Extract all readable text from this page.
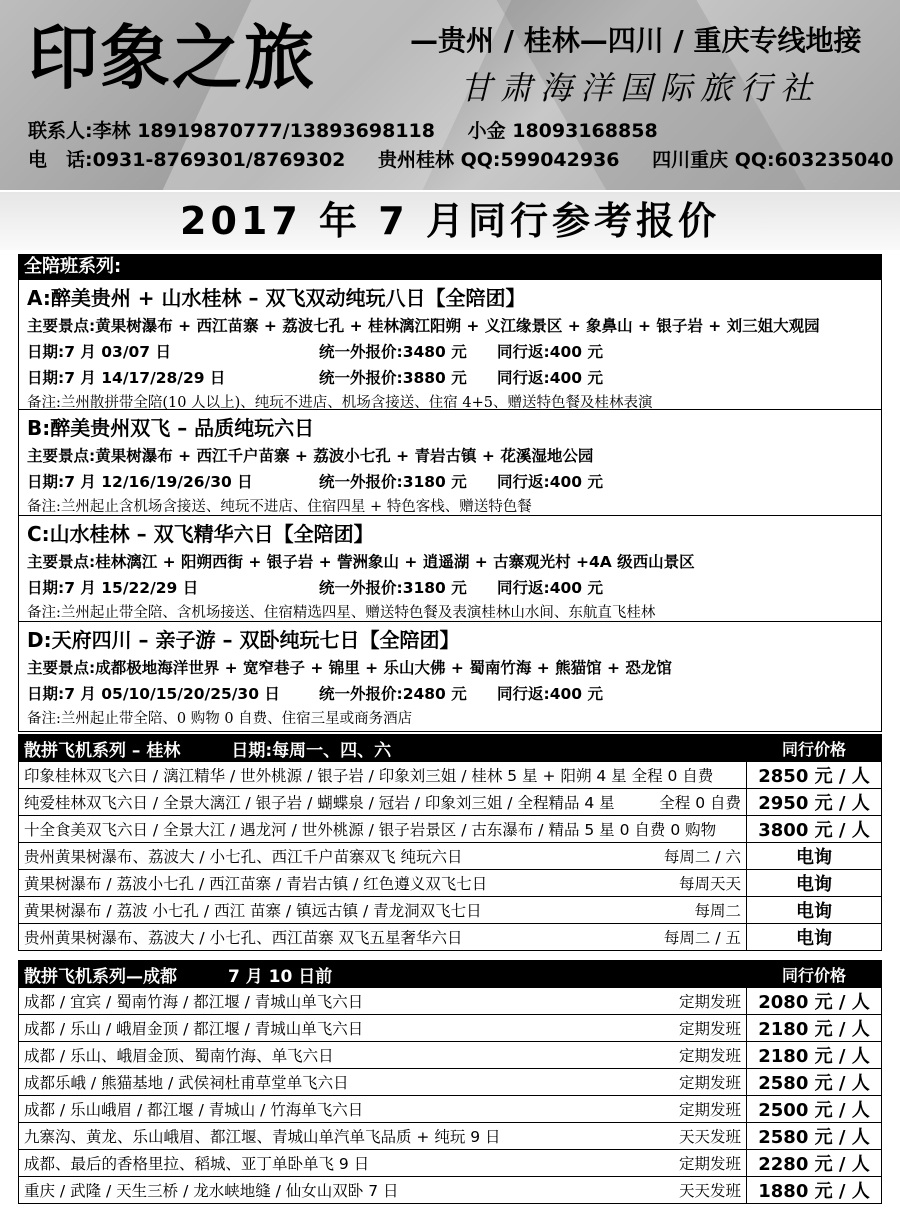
印象之旅	—贵州 / 桂林—四川 / 重庆专线地接
甘肃海洋国际旅行社
联系人:李林 18919870777/13893698118 小金 18093168858
电　话:0931-8769301/8769302 贵州桂林 QQ:599042936 四川重庆 QQ:603235040
2017 年 7 月同行参考报价
全陪班系列:
A:醉美贵州 + 山水桂林 – 双飞双动纯玩八日【全陪团】
主要景点:黄果树瀑布 + 西江苗寨 + 荔波七孔 + 桂林漓江阳朔 + 义江缘景区 + 象鼻山 + 银子岩 + 刘三姐大观园
日期:7 月 03/07 日	统一外报价:3480 元 同行返:400 元
日期:7 月 14/17/28/29 日	统一外报价:3880 元 同行返:400 元
备注:兰州散拼带全陪(10 人以上)、纯玩不进店、机场含接送、住宿 4+5、赠送特色餐及桂林表演
B:醉美贵州双飞 – 品质纯玩六日
主要景点:黄果树瀑布 + 西江千户苗寨 + 荔波小七孔 + 青岩古镇 + 花溪湿地公园
日期:7 月 12/16/19/26/30 日	统一外报价:3180 元 同行返:400 元
备注:兰州起止含机场含接送、纯玩不进店、住宿四星 + 特色客栈、赠送特色餐
C:山水桂林 – 双飞精华六日【全陪团】
主要景点:桂林漓江 + 阳朔西街 + 银子岩 + 訾洲象山 + 逍遥湖 + 古寨观光村 +4A 级西山景区
日期:7 月 15/22/29 日	统一外报价:3180 元 同行返:400 元
备注:兰州起止带全陪、含机场接送、住宿精选四星、赠送特色餐及表演桂林山水间、东航直飞桂林
D:天府四川 – 亲子游 – 双卧纯玩七日【全陪团】
主要景点:成都极地海洋世界 + 宽窄巷子 + 锦里 + 乐山大佛 + 蜀南竹海 + 熊猫馆 + 恐龙馆
日期:7 月 05/10/15/20/25/30 日	统一外报价:2480 元 同行返:400 元
备注:兰州起止带全陪、0 购物 0 自费、住宿三星或商务酒店
散拼飞机系列 – 桂林　　　日期:每周一、四、六	同行价格

印象桂林双飞六日 / 漓江精华 / 世外桃源 / 银子岩 / 印象刘三姐 / 桂林 5 星 + 阳朔 4 星 全程 0 自费	2850 元 / 人

纯爱桂林双飞六日 / 全景大漓江 / 银子岩 / 蝴蝶泉 / 冠岩 / 印象刘三姐 / 全程精品 4 星 全程 0 自费	2950 元 / 人

十全食美双飞六日 / 全景大江 / 遇龙河 / 世外桃源 / 银子岩景区 / 古东瀑布 / 精品 5 星 0 自费 0 购物	3800 元 / 人

贵州黄果树瀑布、荔波大 / 小七孔、西江千户苗寨双飞 纯玩六日 每周二 / 六	电询

黄果树瀑布 / 荔波小七孔 / 西江苗寨 / 青岩古镇 / 红色遵义双飞七日 每周天天	电询

黄果树瀑布 / 荔波 小七孔 / 西江 苗寨 / 镇远古镇 / 青龙洞双飞七日 每周二	电询

贵州黄果树瀑布、荔波大 / 小七孔、西江苗寨 双飞五星奢华六日 每周二 / 五	电询
散拼飞机系列—成都　　　7 月 10 日前	同行价格

成都 / 宜宾 / 蜀南竹海 / 都江堰 / 青城山单飞六日 定期发班	2080 元 / 人

成都 / 乐山 / 峨眉金顶 / 都江堰 / 青城山单飞六日 定期发班	2180 元 / 人

成都 / 乐山、峨眉金顶、蜀南竹海、单飞六日 定期发班	2180 元 / 人

成都乐峨 / 熊猫基地 / 武侯祠杜甫草堂单飞六日 定期发班	2580 元 / 人

成都 / 乐山峨眉 / 都江堰 / 青城山 / 竹海单飞六日 定期发班	2500 元 / 人

九寨沟、黄龙、乐山峨眉、都江堰、青城山单汽单飞品质 + 纯玩 9 日 天天发班	2580 元 / 人

成都、最后的香格里拉、稻城、亚丁单卧单飞 9 日 定期发班	2280 元 / 人

重庆 / 武隆 / 天生三桥 / 龙水峡地缝 / 仙女山双卧 7 日 天天发班	1880 元 / 人
